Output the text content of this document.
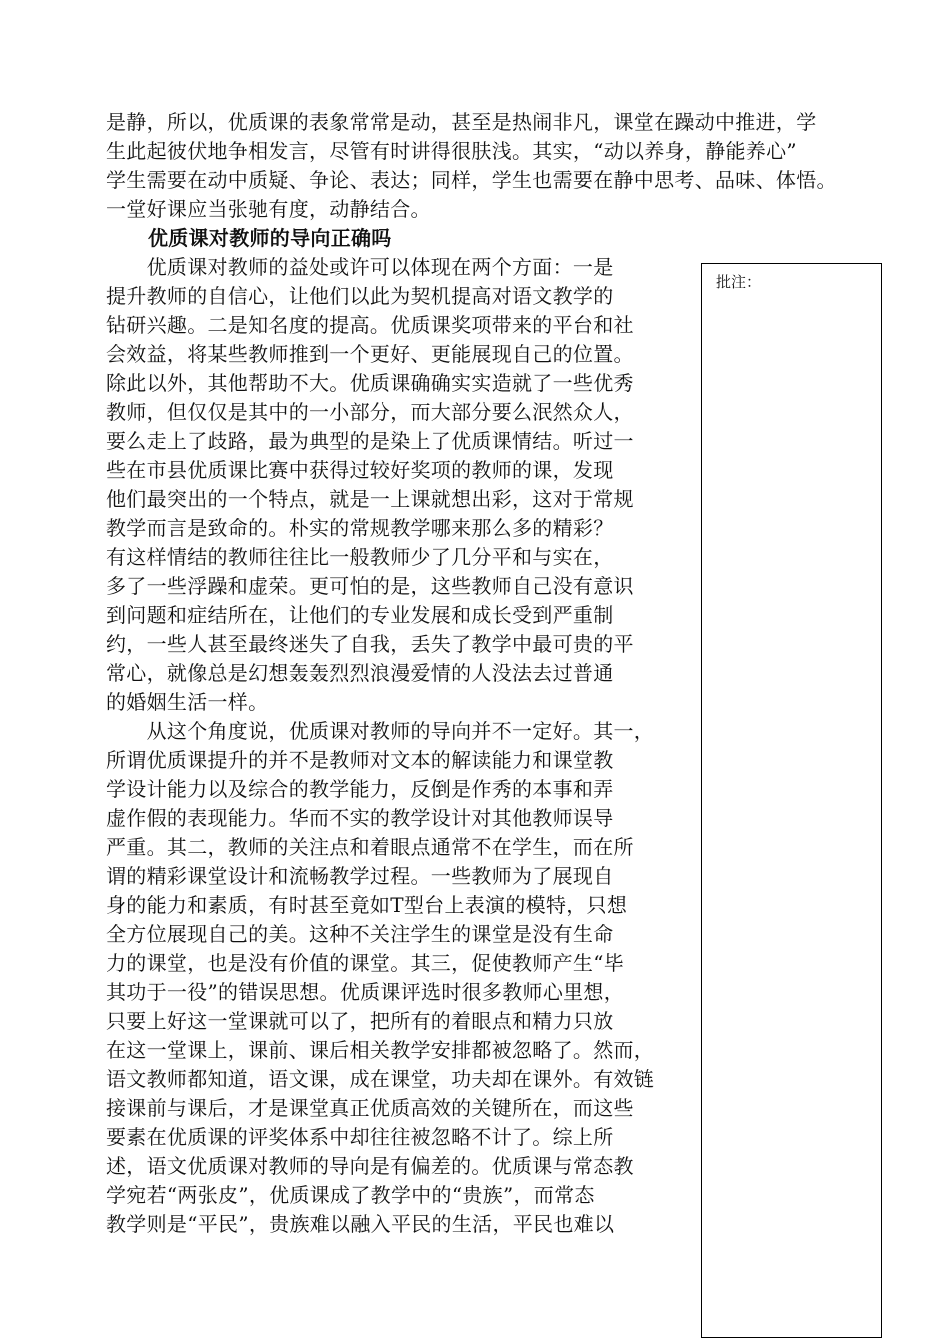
是静，所以，优质课的表象常常是动，甚至是热闹非凡，课堂在躁动中推进，学
生此起彼伏地争相发言，尽管有时讲得很肤浅。其实，“动以养身，静能养心”
学生需要在动中质疑、争论、表达；同样，学生也需要在静中思考、品味、体悟。
一堂好课应当张驰有度，动静结合。
优质课对教师的导向正确吗
批注：
　　优质课对教师的益处或许可以体现在两个方面：一是
提升教师的自信心，让他们以此为契机提高对语文教学的
钻研兴趣。二是知名度的提高。优质课奖项带来的平台和社
会效益，将某些教师推到一个更好、更能展现自己的位置。
除此以外，其他帮助不大。优质课确确实实造就了一些优秀
教师，但仅仅是其中的一小部分，而大部分要么泯然众人，
要么走上了歧路，最为典型的是染上了优质课情结。听过一
些在市县优质课比赛中获得过较好奖项的教师的课，发现
他们最突出的一个特点，就是一上课就想出彩，这对于常规
教学而言是致命的。朴实的常规教学哪来那么多的精彩？
有这样情结的教师往往比一般教师少了几分平和与实在，
多了一些浮躁和虚荣。更可怕的是，这些教师自己没有意识
到问题和症结所在，让他们的专业发展和成长受到严重制
约，一些人甚至最终迷失了自我，丢失了教学中最可贵的平
常心，就像总是幻想轰轰烈烈浪漫爱情的人没法去过普通
的婚姻生活一样。
　　从这个角度说，优质课对教师的导向并不一定好。其一，
所谓优质课提升的并不是教师对文本的解读能力和课堂教
学设计能力以及综合的教学能力，反倒是作秀的本事和弄
虚作假的表现能力。华而不实的教学设计对其他教师误导
严重。其二，教师的关注点和着眼点通常不在学生，而在所
谓的精彩课堂设计和流畅教学过程。一些教师为了展现自
身的能力和素质，有时甚至竟如T型台上表演的模特，只想
全方位展现自己的美。这种不关注学生的课堂是没有生命
力的课堂，也是没有价值的课堂。其三，促使教师产生“毕
其功于一役”的错误思想。优质课评选时很多教师心里想，
只要上好这一堂课就可以了，把所有的着眼点和精力只放
在这一堂课上，课前、课后相关教学安排都被忽略了。然而，
语文教师都知道，语文课，成在课堂，功夫却在课外。有效链
接课前与课后，才是课堂真正优质高效的关键所在，而这些
要素在优质课的评奖体系中却往往被忽略不计了。综上所
述，语文优质课对教师的导向是有偏差的。优质课与常态教
学宛若“两张皮”，优质课成了教学中的“贵族”，而常态
教学则是“平民”，贵族难以融入平民的生活，平民也难以
